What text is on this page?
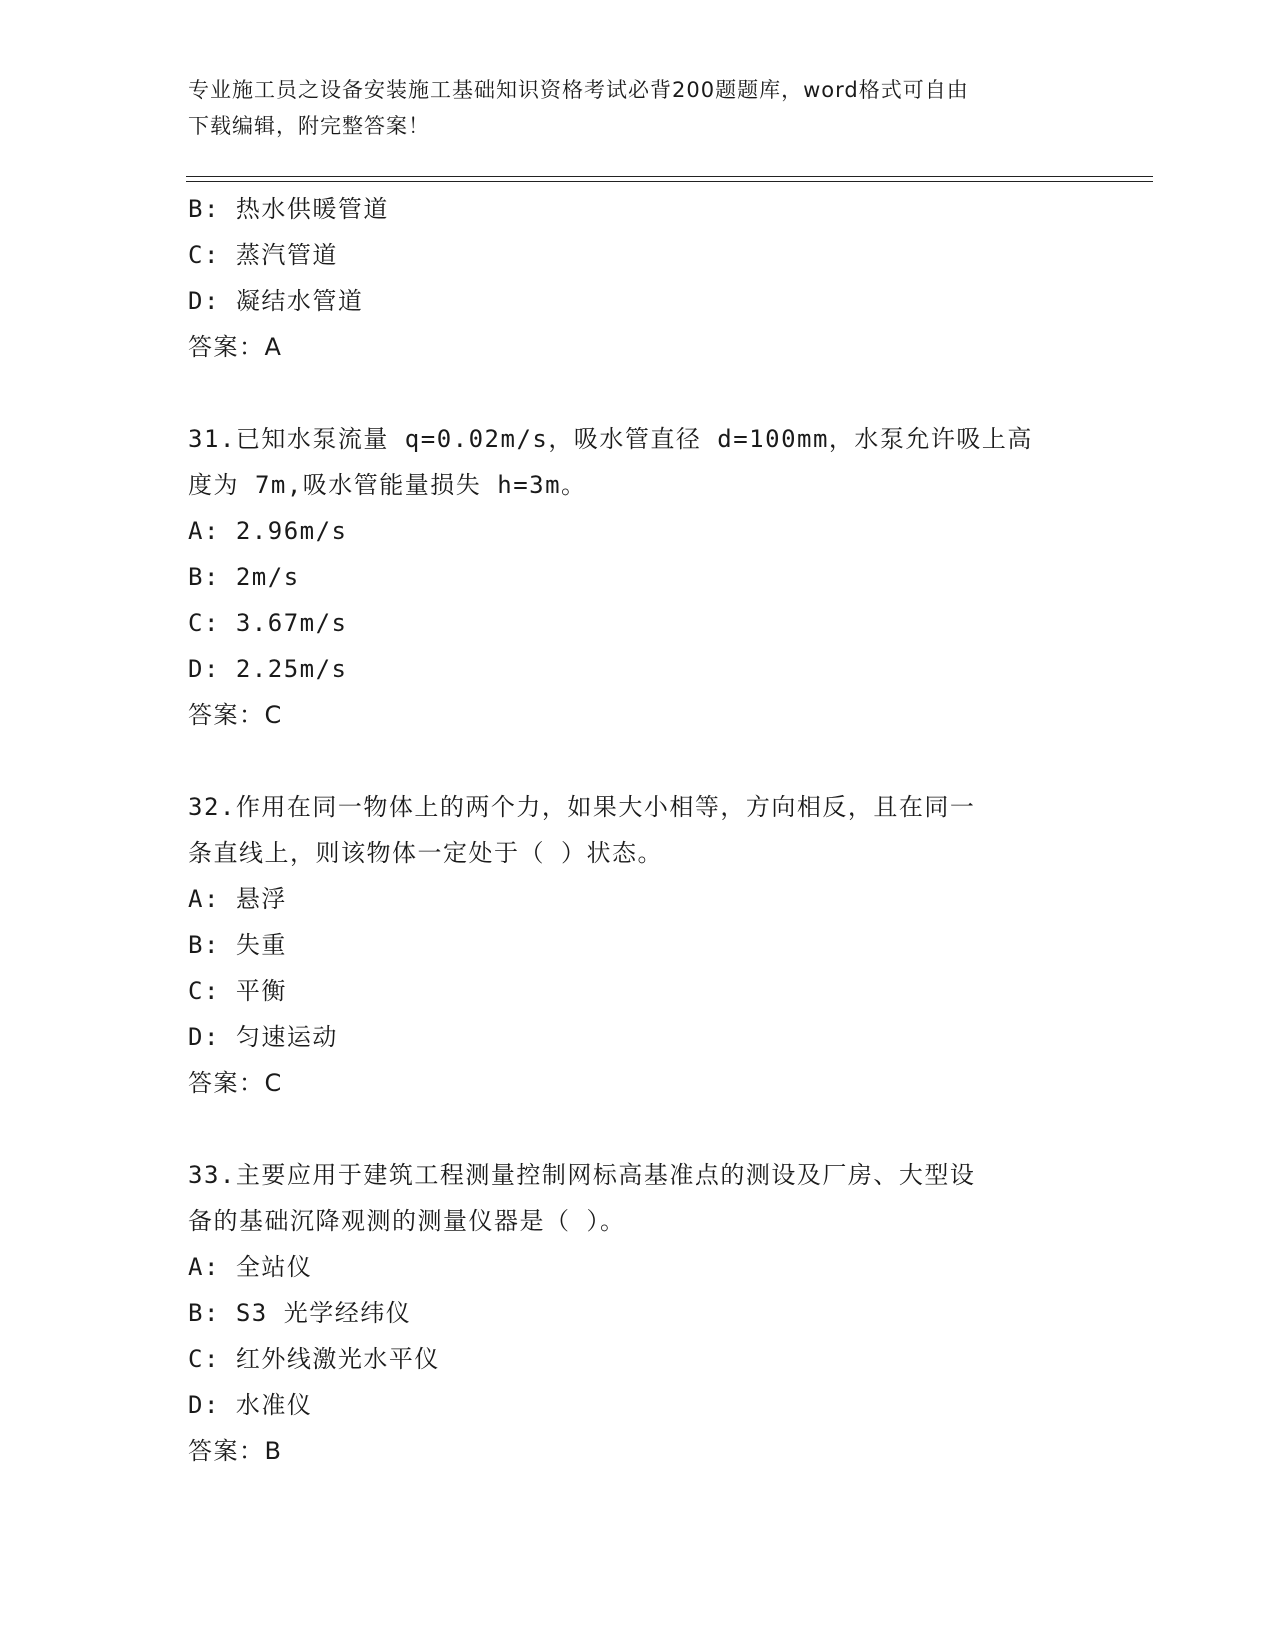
专业施工员之设备安装施工基础知识资格考试必背200题题库，word格式可自由
下载编辑，附完整答案！
B: 热水供暖管道
C: 蒸汽管道
D: 凝结水管道
答案：A
31.已知水泵流量 q=0.02m/s，吸水管直径 d=100mm，水泵允许吸上高
度为 7m,吸水管能量损失 h=3m。
A: 2.96m/s
B: 2m/s
C: 3.67m/s
D: 2.25m/s
答案：C
32.作用在同一物体上的两个力，如果大小相等，方向相反，且在同一
条直线上，则该物体一定处于（ ）状态。
A: 悬浮
B: 失重
C: 平衡
D: 匀速运动
答案：C
33.主要应用于建筑工程测量控制网标高基准点的测设及厂房、大型设
备的基础沉降观测的测量仪器是（ ）。
A: 全站仪
B: S3 光学经纬仪
C: 红外线激光水平仪
D: 水准仪
答案：B
